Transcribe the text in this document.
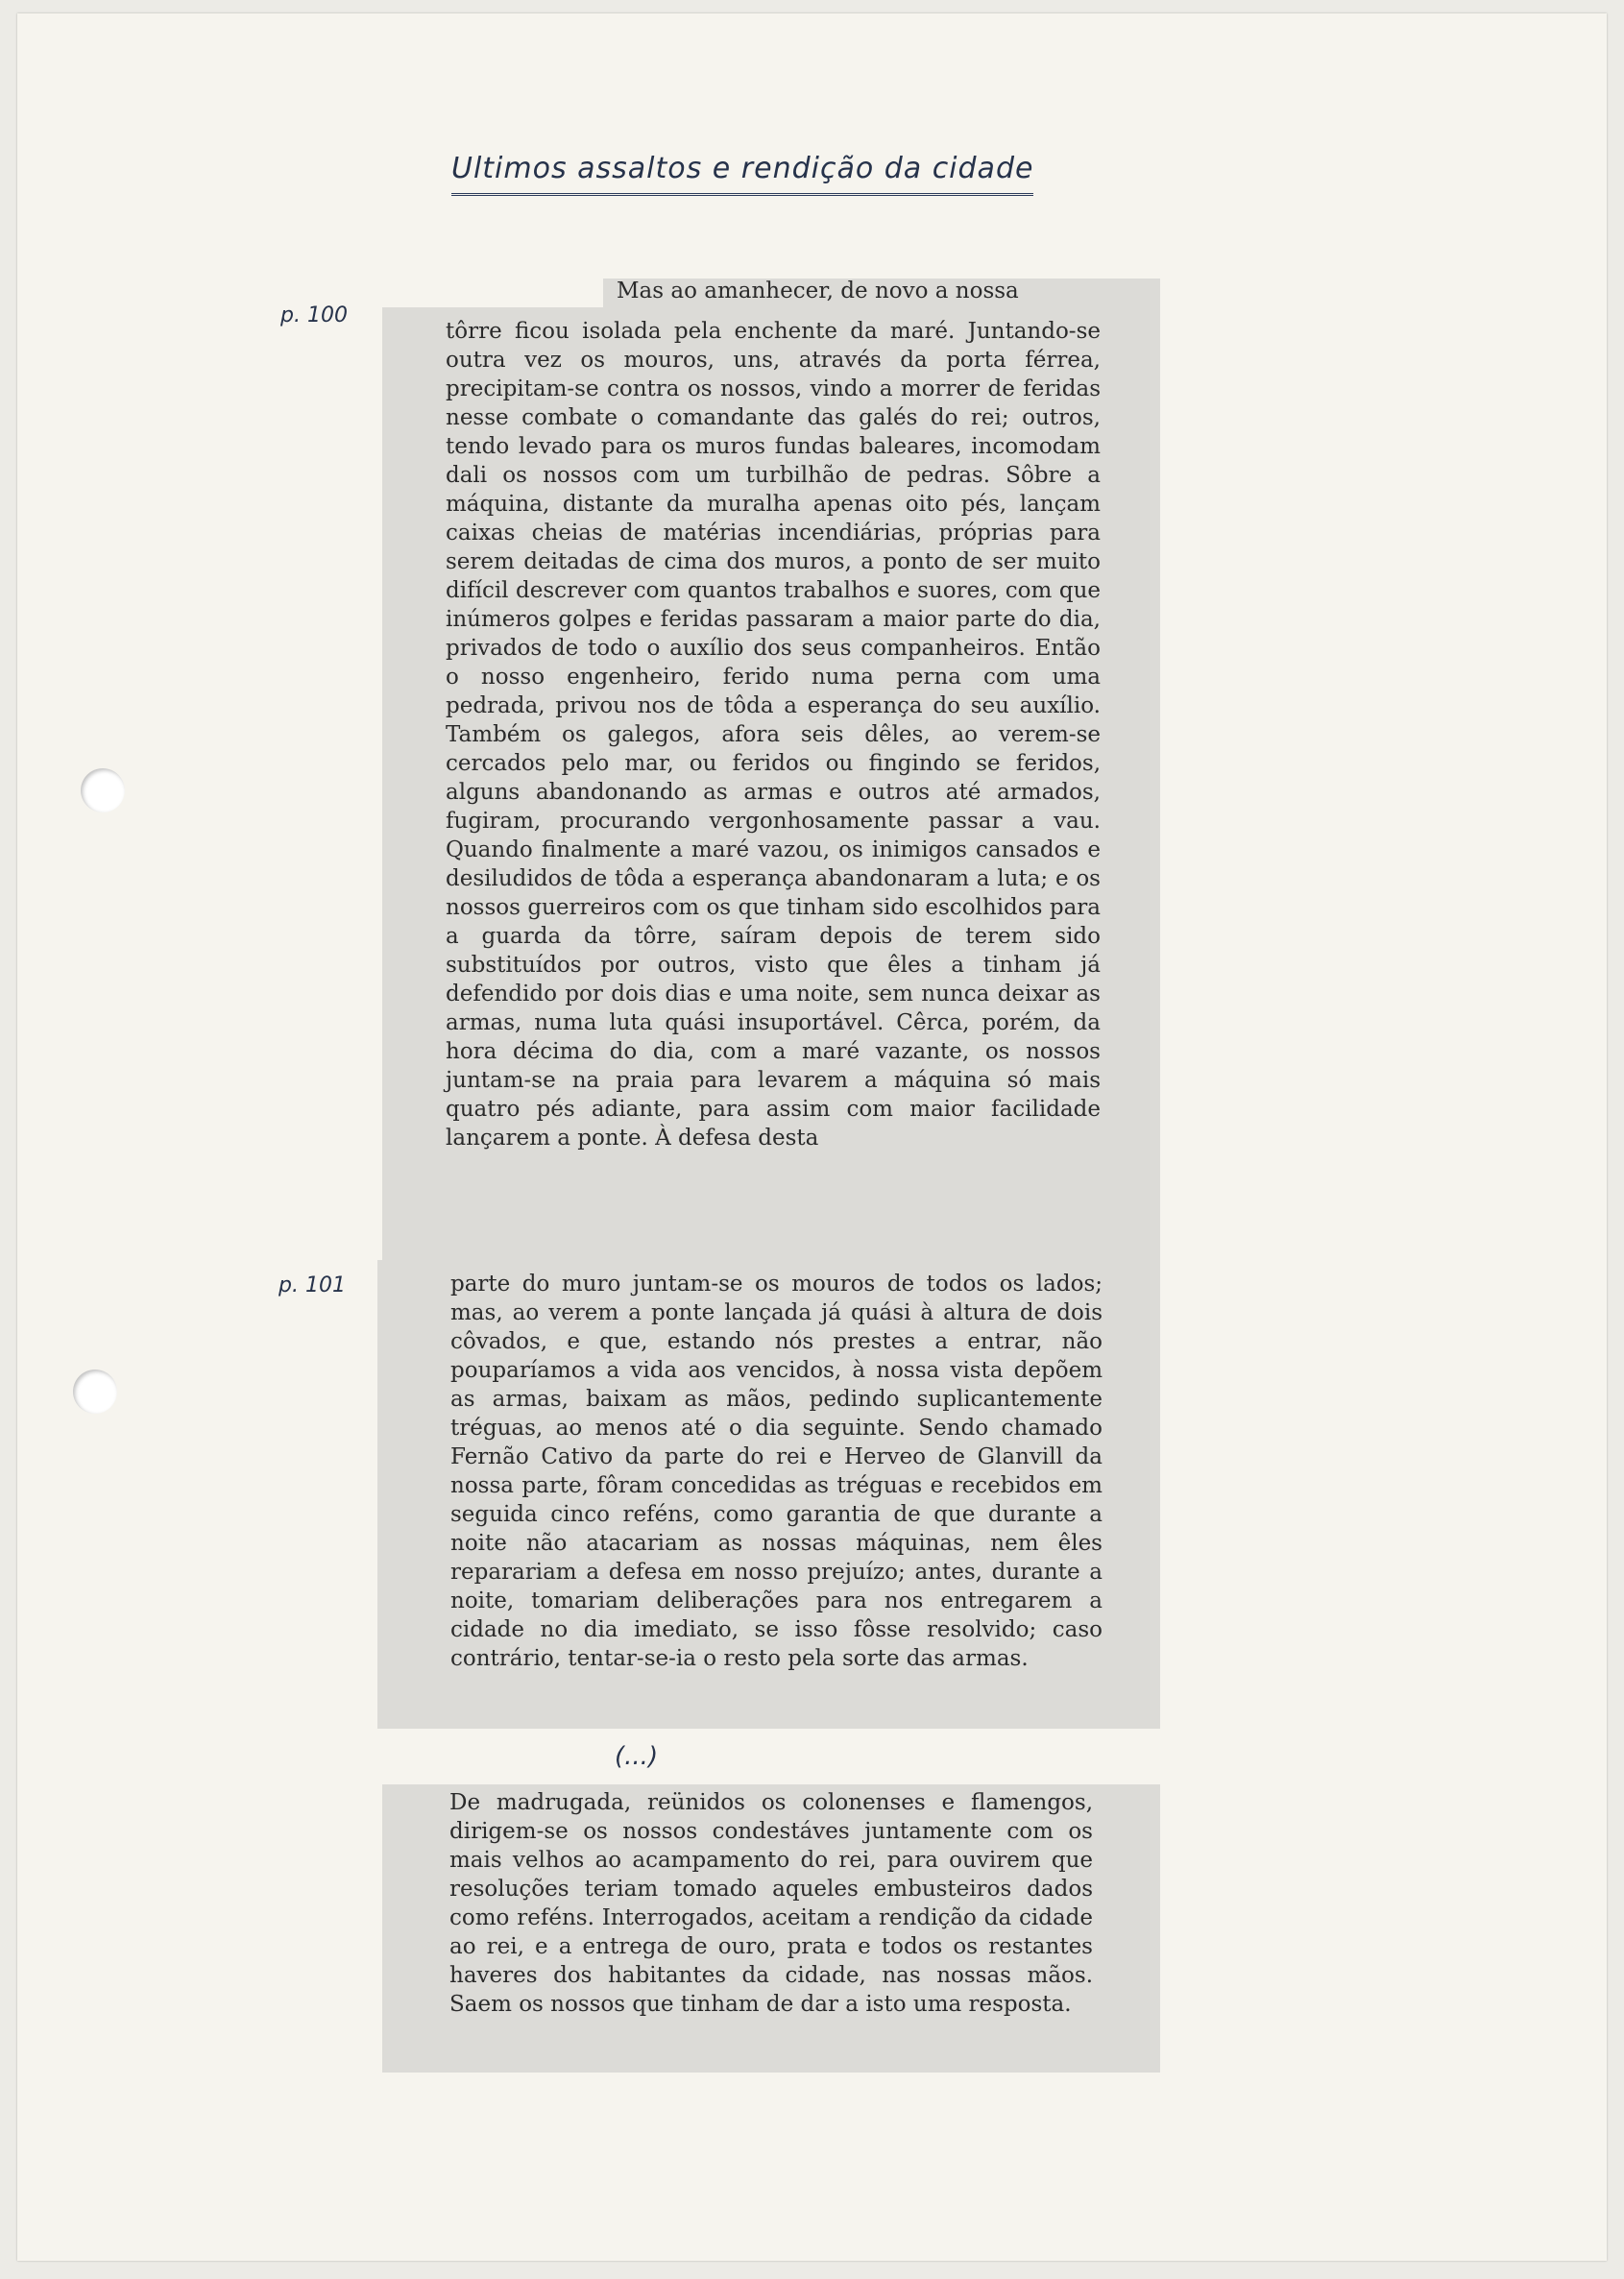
Ultimos assaltos e rendição da cidade
p. 100
p. 101
Mas ao amanhecer, de novo a nossa

tôrre ficou isolada pela enchente da maré. Juntando-se outra vez os mouros, uns, através da porta férrea, precipitam-se contra os nossos, vindo a morrer de feridas nesse combate o comandante das galés do rei; outros, tendo levado para os muros fundas baleares, incomodam dali os nossos com um turbilhão de pedras. Sôbre a máquina, distante da muralha apenas oito pés, lançam caixas cheias de matérias incendiárias, próprias para serem deitadas de cima dos muros, a ponto de ser muito difícil descrever com quantos trabalhos e suores, com que inúmeros golpes e feridas passaram a maior parte do dia, privados de todo o auxílio dos seus companheiros. Então o nosso engenheiro, ferido numa perna com uma pedrada, privou nos de tôda a esperança do seu auxílio. Também os galegos, afora seis dêles, ao verem-se cercados pelo mar, ou feridos ou fingindo se feridos, alguns abandonando as armas e outros até armados, fugiram, procurando vergonhosamente passar a vau. Quando finalmente a maré vazou, os inimigos cansados e desiludidos de tôda a esperança abandonaram a luta; e os nossos guerreiros com os que tinham sido escolhidos para a guarda da tôrre, saíram depois de terem sido substituídos por outros, visto que êles a tinham já defendido por dois dias e uma noite, sem nunca deixar as armas, numa luta quási insuportável. Cêrca, porém, da hora décima do dia, com a maré vazante, os nossos juntam-se na praia para levarem a máquina só mais quatro pés adiante, para assim com maior facilidade lançarem a ponte. À defesa desta

parte do muro juntam-se os mouros de todos os lados; mas, ao verem a ponte lançada já quási à altura de dois côvados, e que, estando nós prestes a entrar, não pouparíamos a vida aos vencidos, à nossa vista depõem as armas, baixam as mãos, pedindo suplicantemente tréguas, ao menos até o dia seguinte. Sendo chamado Fernão Cativo da parte do rei e Herveo de Glanvill da nossa parte, fôram concedidas as tréguas e recebidos em seguida cinco reféns, como garantia de que durante a noite não atacariam as nossas máquinas, nem êles reparariam a defesa em nosso prejuízo; antes, durante a noite, tomariam deliberações para nos entregarem a cidade no dia imediato, se isso fôsse resolvido; caso contrário, tentar-se-ia o resto pela sorte das armas.

(...)

De madrugada, reünidos os colonenses e flamengos, dirigem-se os nossos condestáves juntamente com os mais velhos ao acampamento do rei, para ouvirem que resoluções teriam tomado aqueles embusteiros dados como reféns. Interrogados, aceitam a rendição da cidade ao rei, e a entrega de ouro, prata e todos os restantes haveres dos habitantes da cidade, nas nossas mãos. Saem os nossos que tinham de dar a isto uma resposta.
